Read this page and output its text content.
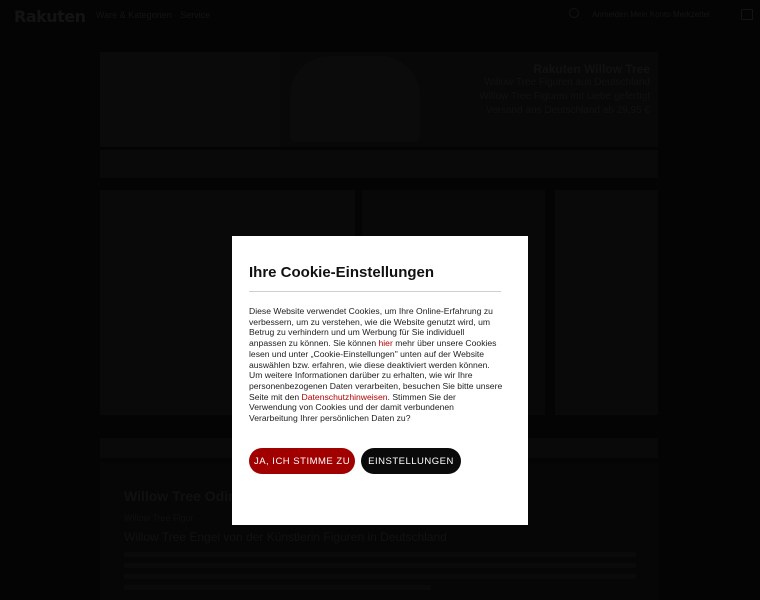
Ihre Cookie-Einstellungen

Diese Website verwendet Cookies, um Ihre Online-Erfahrung zu verbessern, um zu verstehen, wie die Website genutzt wird, um Betrug zu verhindern und um Werbung für Sie individuell anpassen zu können. Sie können hier mehr über unsere Cookies lesen und unter „Cookie-Einstellungen" unten auf der Website auswählen bzw. erfahren, wie diese deaktiviert werden können. Um weitere Informationen darüber zu erhalten, wie wir Ihre personenbezogenen Daten verarbeiten, besuchen Sie bitte unsere Seite mit den Datenschutzhinweisen. Stimmen Sie der Verwendung von Cookies und der damit verbundenen Verarbeitung Ihrer persönlichen Daten zu?

JA, ICH STIMME ZU	EINSTELLUNGEN
